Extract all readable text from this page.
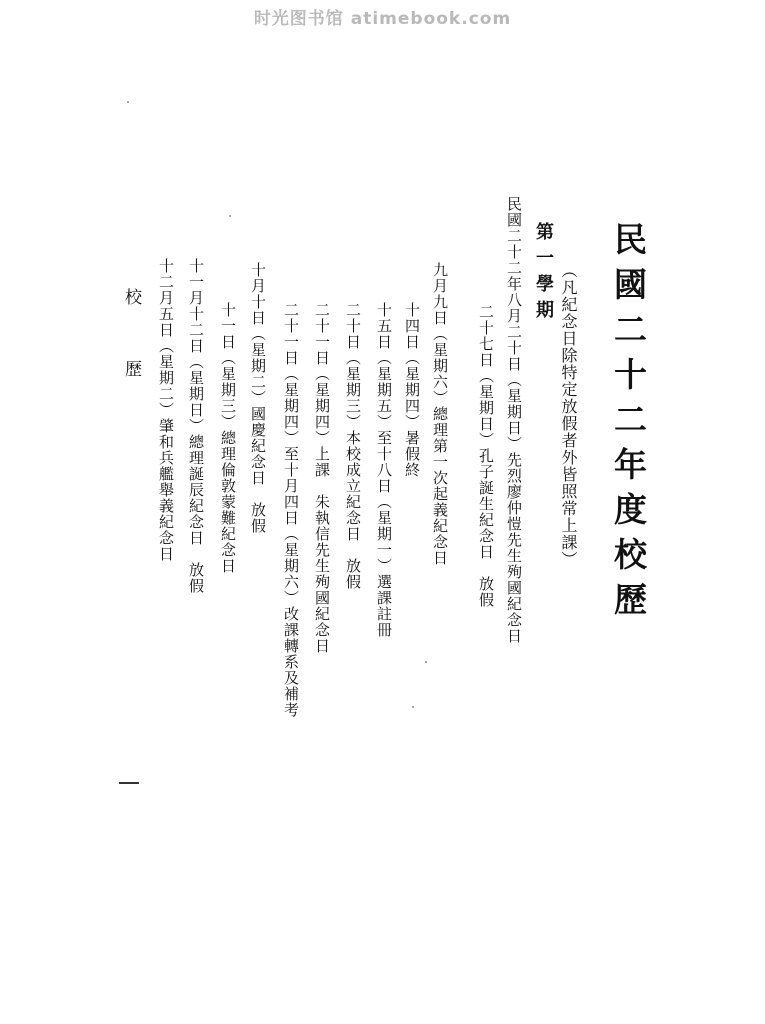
时光图书馆 atimebook.com
民國二十二年度校歷
（凡紀念日除特定放假者外皆照常上課）
第一學期
民國二十二年八月二十日（星期日）先烈廖仲愷先生殉國紀念日
二十七日（星期日）孔子誕生紀念日　放假
九月九日（星期六）總理第一次起義紀念日
十四日（星期四）暑假終
十五日（星期五）至十八日（星期一）選課註冊
二十日（星期三）本校成立紀念日　放假
二十一日（星期四）上課　朱執信先生殉國紀念日
二十一日（星期四）至十月四日（星期六）改課轉系及補考
十月十日（星期二）國慶紀念日　放假
十一日（星期三）總理倫敦蒙難紀念日
十一月十二日（星期日）總理誕辰紀念日　放假
十二月五日（星期二）肇和兵艦舉義紀念日
校
歷
